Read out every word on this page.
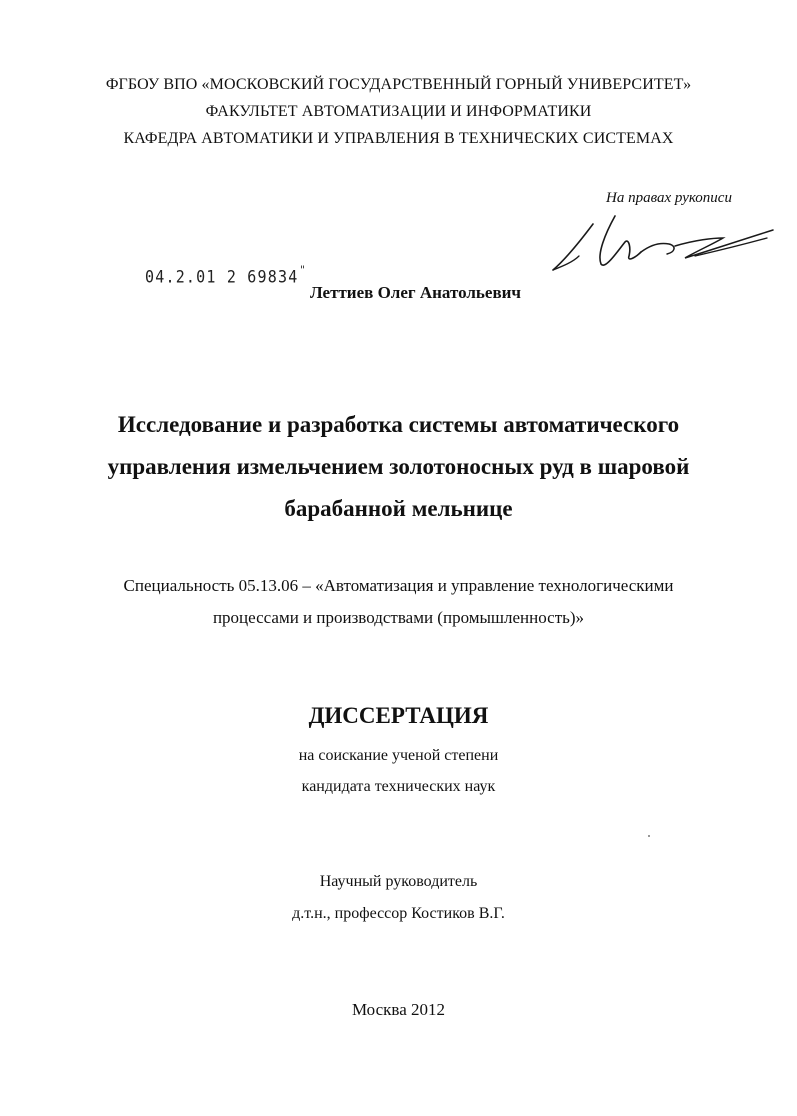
ФГБОУ ВПО «МОСКОВСКИЙ ГОСУДАРСТВЕННЫЙ ГОРНЫЙ УНИВЕРСИТЕТ»
ФАКУЛЬТЕТ АВТОМАТИЗАЦИИ И ИНФОРМАТИКИ
КАФЕДРА АВТОМАТИКИ И УПРАВЛЕНИЯ В ТЕХНИЧЕСКИХ СИСТЕМАХ
На правах рукописи
04.2.01 2 69834"
Леттиев Олег Анатольевич
Исследование и разработка системы автоматического
управления измельчением золотоносных руд в шаровой
барабанной мельнице
Специальность 05.13.06 – «Автоматизация и управление технологическими
процессами и производствами (промышленность)»
ДИССЕРТАЦИЯ
на соискание ученой степени
кандидата технических наук
Научный руководитель
д.т.н., профессор Костиков В.Г.
Москва 2012
